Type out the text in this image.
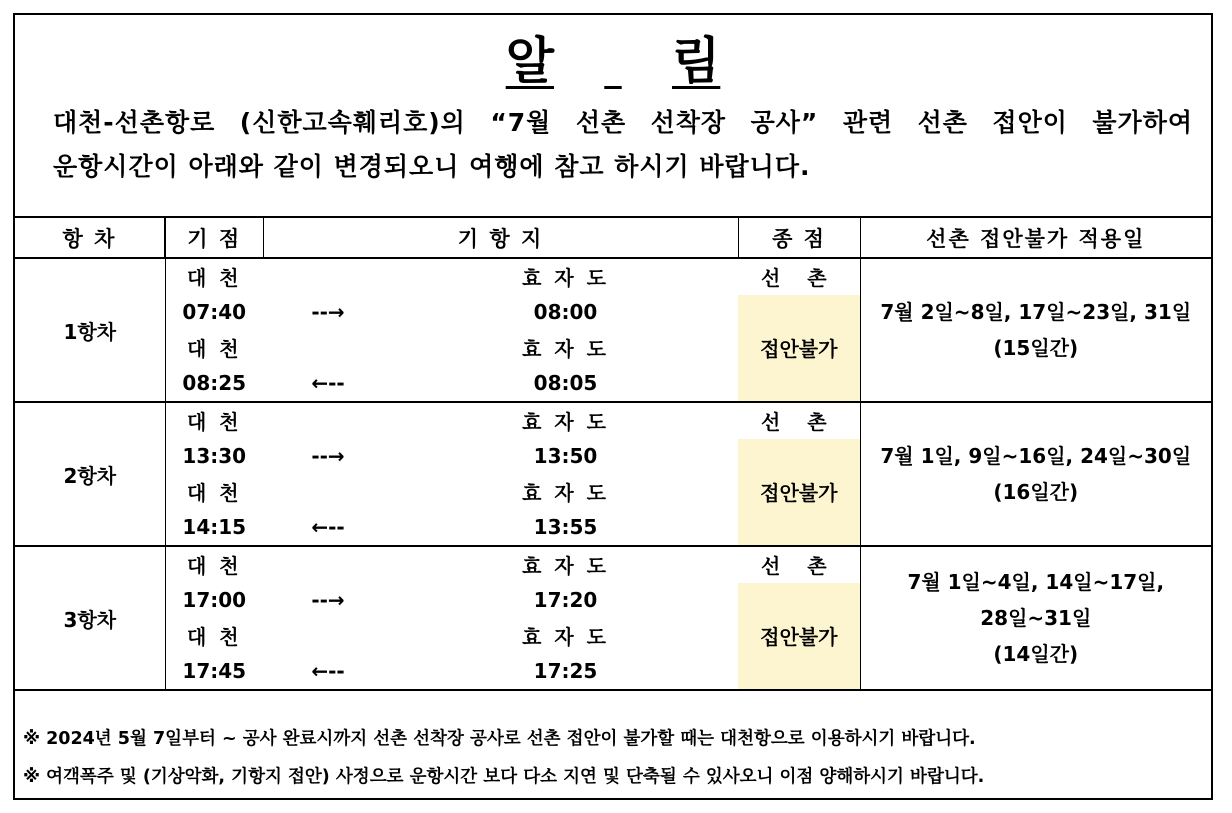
알 림
대천-선촌항로 (신한고속훼리호)의 “7월 선촌 선착장 공사” 관련 선촌 접안이 불가하여
운항시간이 아래와 같이 변경되오니 여행에 참고 하시기 바랍니다.
항 차	기 점	기 항 지		종 점	선촌 접안불가 적용일
1항차	대 천		효 자 도	선 촌	7월 2일~8일, 17일~23일, 31일
(15일간)

	07:40	--→	08:00	접안불가	
	대 천		효 자 도		
	08:25	←--	08:05		
2항차	대 천		효 자 도	선 촌	7월 1일, 9일~16일, 24일~30일
(16일간)

	13:30	--→	13:50	접안불가	
	대 천		효 자 도		
	14:15	←--	13:55		
3항차	대 천		효 자 도	선 촌	7월 1일~4일, 14일~17일,
28일~31일
(14일간)

	17:00	--→	17:20	접안불가	
	대 천		효 자 도		
	17:45	←--	17:25		
※ 2024년 5월 7일부터 ~ 공사 완료시까지 선촌 선착장 공사로 선촌 접안이 불가할 때는 대천항으로 이용하시기 바랍니다.
※ 여객폭주 및 (기상악화, 기항지 접안) 사정으로 운항시간 보다 다소 지연 및 단축될 수 있사오니 이점 양해하시기 바랍니다.
